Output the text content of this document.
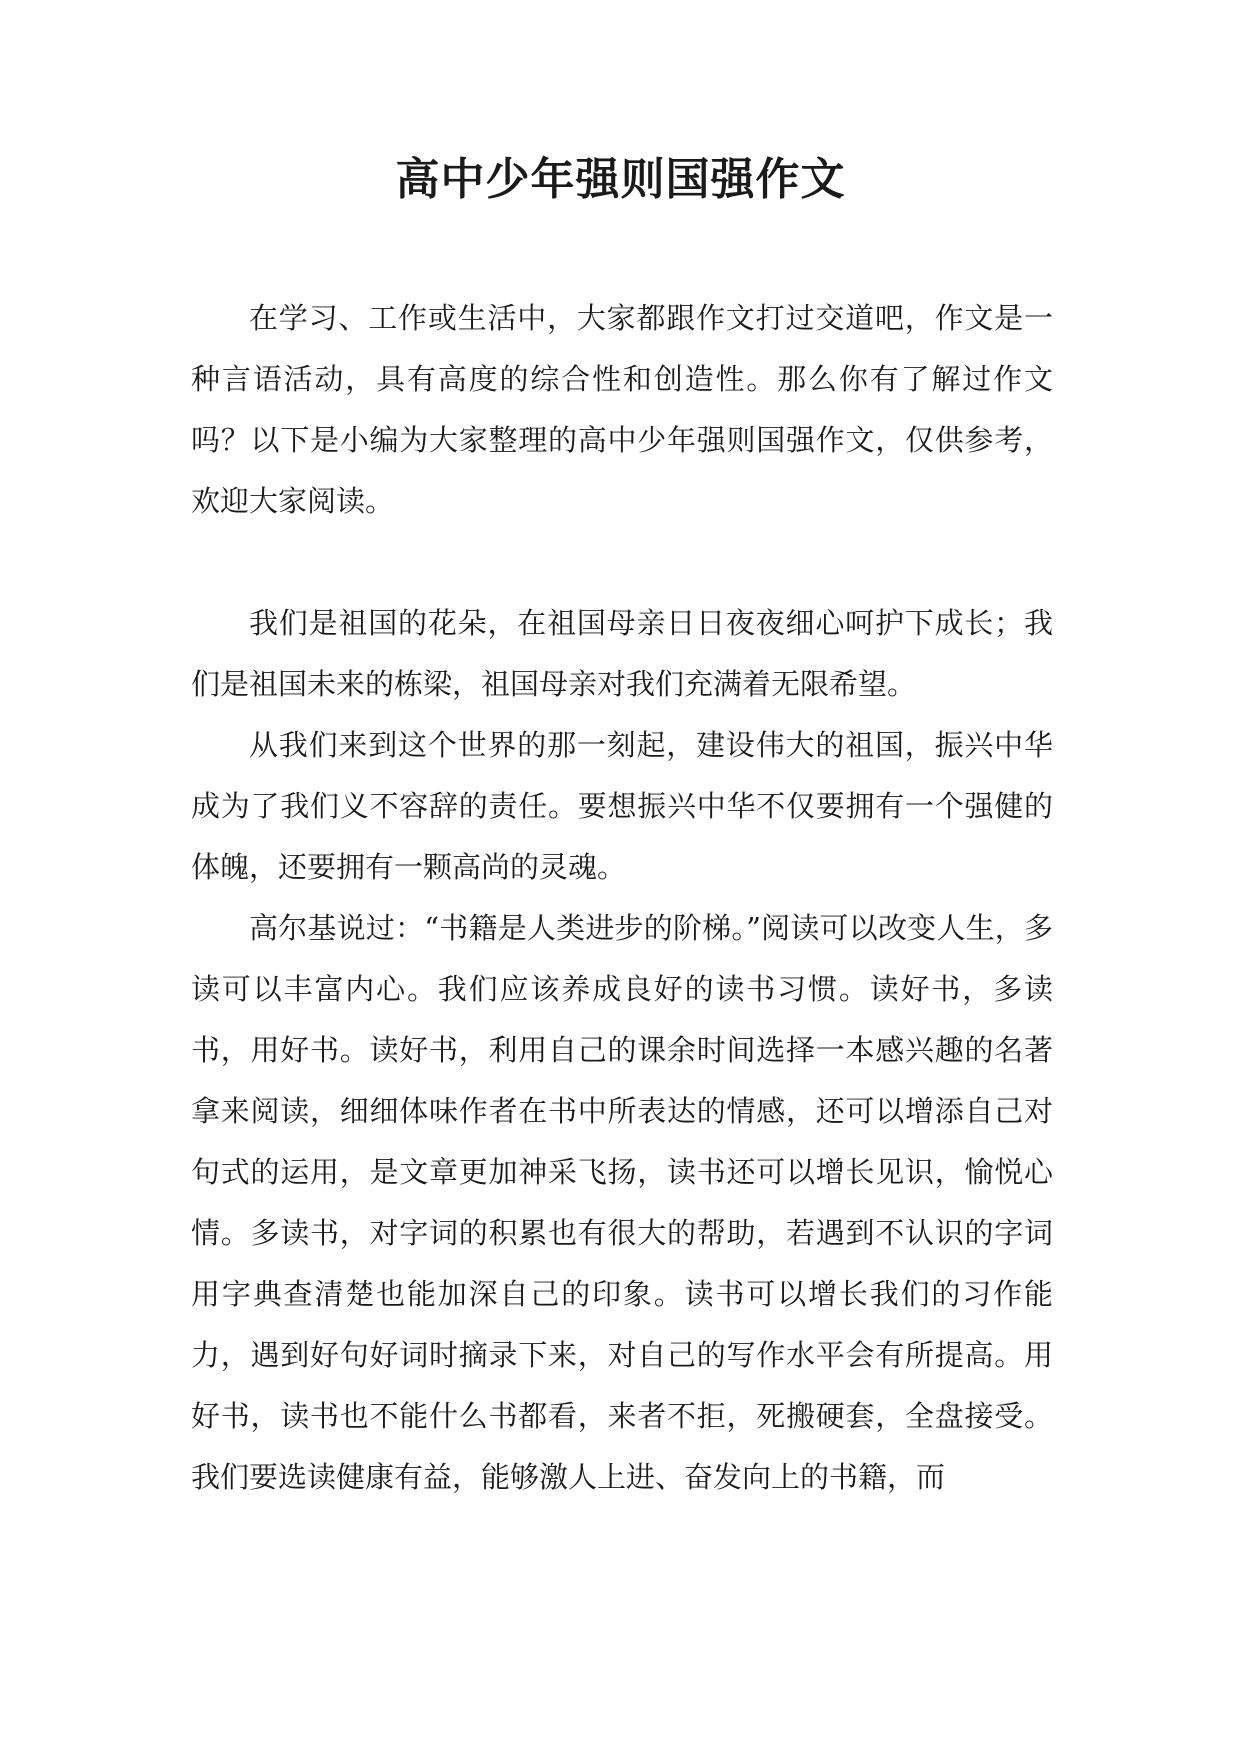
高中少年强则国强作文

在学习、工作或生活中，大家都跟作文打过交道吧，作文是一种言语活动，具有高度的综合性和创造性。那么你有了解过作文吗？以下是小编为大家整理的高中少年强则国强作文，仅供参考，欢迎大家阅读。

我们是祖国的花朵，在祖国母亲日日夜夜细心呵护下成长；我们是祖国未来的栋梁，祖国母亲对我们充满着无限希望。

从我们来到这个世界的那一刻起，建设伟大的祖国，振兴中华成为了我们义不容辞的责任。要想振兴中华不仅要拥有一个强健的体魄，还要拥有一颗高尚的灵魂。

高尔基说过：“书籍是人类进步的阶梯。”阅读可以改变人生，多读可以丰富内心。我们应该养成良好的读书习惯。读好书，多读书，用好书。读好书，利用自己的课余时间选择一本感兴趣的名著拿来阅读，细细体味作者在书中所表达的情感，还可以增添自己对句式的运用，是文章更加神采飞扬，读书还可以增长见识，愉悦心情。多读书，对字词的积累也有很大的帮助，若遇到不认识的字词用字典查清楚也能加深自己的印象。读书可以增长我们的习作能力，遇到好句好词时摘录下来，对自己的写作水平会有所提高。用好书，读书也不能什么书都看，来者不拒，死搬硬套，全盘接受。我们要选读健康有益，能够激人上进、奋发向上的书籍，而
